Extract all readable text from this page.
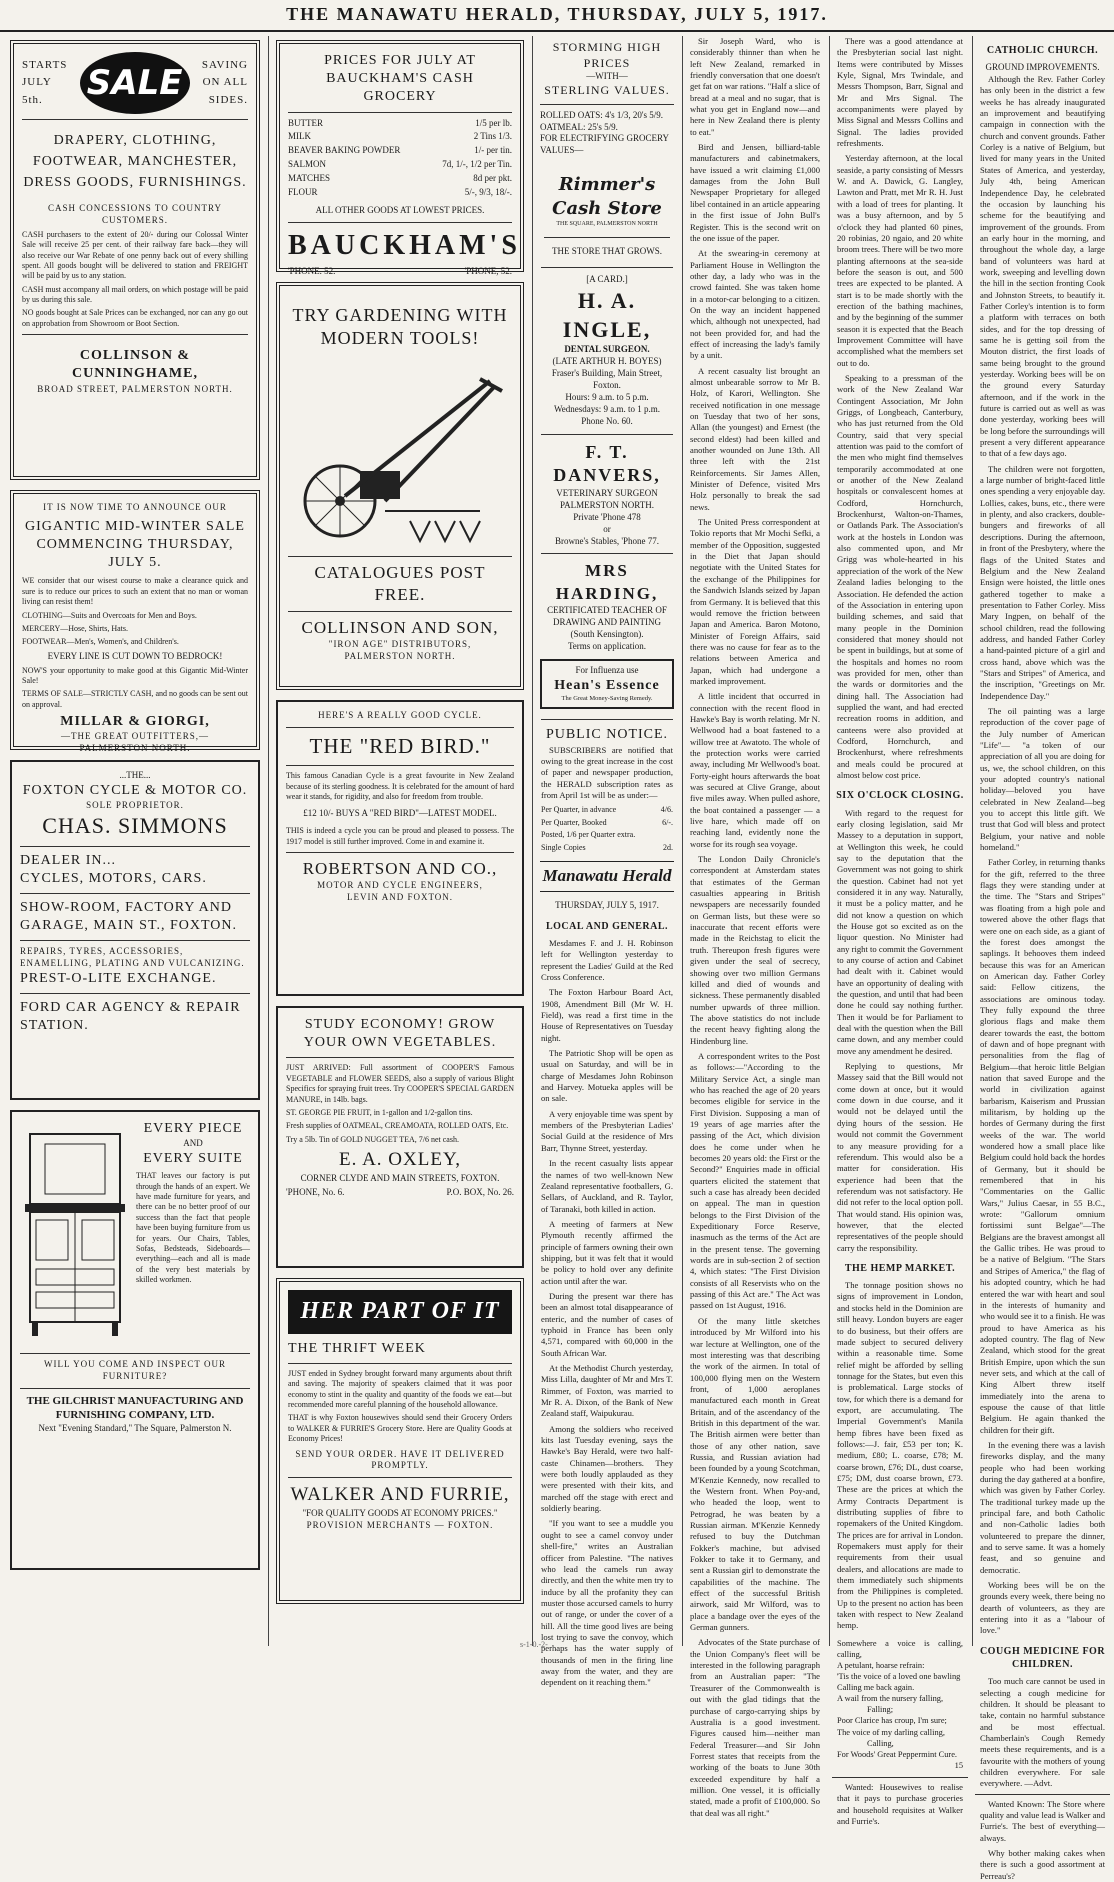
THE MANAWATU HERALD, THURSDAY, JULY 5, 1917.
STARTS
JULY
5th.	SALE	SAVING
ON ALL
SIDES.
DRAPERY, CLOTHING, FOOTWEAR, MANCHESTER, DRESS GOODS, FURNISHINGS.
CASH CONCESSIONS TO COUNTRY CUSTOMERS.

CASH purchasers to the extent of 20/- during our Colossal Winter Sale will receive 25 per cent. of their railway fare back—they will also receive our War Rebate of one penny back out of every shilling spent. All goods bought will be delivered to station and FREIGHT will be paid by us to any station.

CASH must accompany all mail orders, on which postage will be paid by us during this sale.

NO goods bought at Sale Prices can be exchanged, nor can any go out on approbation from Showroom or Boot Section.

COLLINSON & CUNNINGHAME,
BROAD STREET, PALMERSTON NORTH.
IT IS NOW TIME TO ANNOUNCE OUR
GIGANTIC MID-WINTER SALE COMMENCING THURSDAY, JULY 5.

WE consider that our wisest course to make a clearance quick and sure is to reduce our prices to such an extent that no man or woman living can resist them!

CLOTHING—Suits and Overcoats for Men and Boys.

MERCERY—Hose, Shirts, Hats.

FOOTWEAR—Men's, Women's, and Children's.

EVERY LINE IS CUT DOWN TO BEDROCK!

NOW'S your opportunity to make good at this Gigantic Mid-Winter Sale!

TERMS OF SALE—STRICTLY CASH, and no goods can be sent out on approval.

MILLAR & GIORGI,
—THE GREAT OUTFITTERS,—
PALMERSTON NORTH.
...THE...
FOXTON CYCLE & MOTOR CO.
SOLE PROPRIETOR.
CHAS. SIMMONS
DEALER IN...
CYCLES, MOTORS, CARS.
SHOW-ROOM, FACTORY AND GARAGE, MAIN ST., FOXTON.
REPAIRS, TYRES, ACCESSORIES, ENAMELLING, PLATING AND VULCANIZING.
PREST-O-LITE EXCHANGE.
FORD CAR AGENCY & REPAIR STATION.
EVERY PIECE
AND
EVERY SUITE

THAT leaves our factory is put through the hands of an expert. We have made furniture for years, and there can be no better proof of our success than the fact that people have been buying furniture from us for years. Our Chairs, Tables, Sofas, Bedsteads, Sideboards—everything—each and all is made of the very best materials by skilled workmen.

WILL YOU COME AND INSPECT OUR FURNITURE?
THE GILCHRIST MANUFACTURING AND FURNISHING COMPANY, LTD.
Next "Evening Standard," The Square, Palmerston N.
PRICES FOR JULY AT BAUCKHAM'S CASH GROCERY
BUTTER	1/5 per lb.
MILK	2 Tins 1/3.
BEAVER BAKING POWDER	1/- per tin.
SALMON	7d, 1/-, 1/2 per Tin.
MATCHES	8d per pkt.
FLOUR	5/-, 9/3, 18/-.
ALL OTHER GOODS AT LOWEST PRICES.
BAUCKHAM'S
'PHONE. 52.	'PHONE, 52.
TRY GARDENING WITH MODERN TOOLS!
CATALOGUES POST FREE.
COLLINSON AND SON,
"IRON AGE" DISTRIBUTORS,
PALMERSTON NORTH.
HERE'S A REALLY GOOD CYCLE.
THE "RED BIRD."

This famous Canadian Cycle is a great favourite in New Zealand because of its sterling goodness. It is celebrated for the amount of hard wear it stands, for rigidity, and also for freedom from trouble.

£12 10/- BUYS A "RED BIRD"—LATEST MODEL.

THIS is indeed a cycle you can be proud and pleased to possess. The 1917 model is still further improved. Come in and examine it.

ROBERTSON AND CO.,
MOTOR AND CYCLE ENGINEERS,
LEVIN AND FOXTON.
STUDY ECONOMY! GROW YOUR OWN VEGETABLES.

JUST ARRIVED: Full assortment of COOPER'S Famous VEGETABLE and FLOWER SEEDS, also a supply of various Blight Specifics for spraying fruit trees. Try COOPER'S SPECIAL GARDEN MANURE, in 14lb. bags.

ST. GEORGE PIE FRUIT, in 1-gallon and 1/2-gallon tins.

Fresh supplies of OATMEAL, CREAMOATA, ROLLED OATS, Etc.

Try a 5lb. Tin of GOLD NUGGET TEA, 7/6 net cash.

E. A. OXLEY,
CORNER CLYDE AND MAIN STREETS, FOXTON.
'PHONE, No. 6.	P.O. BOX, No. 26.
HER PART OF IT
THE THRIFT WEEK

JUST ended in Sydney brought forward many arguments about thrift and saving. The majority of speakers claimed that it was poor economy to stint in the quality and quantity of the foods we eat—but recommended more careful planning of the household allowance.

THAT is why Foxton housewives should send their Grocery Orders to WALKER & FURRIE'S Grocery Store. Here are Quality Goods at Economy Prices!

SEND YOUR ORDER. HAVE IT DELIVERED PROMPTLY.
WALKER AND FURRIE,
"FOR QUALITY GOODS AT ECONOMY PRICES."
PROVISION MERCHANTS — FOXTON.
STORMING HIGH PRICES
—WITH—
STERLING VALUES.
ROLLED OATS: 4's 1/3, 20's 5/9.
OATMEAL: 25's 5/9.
FOR ELECTRIFYING GROCERY VALUES—
Rimmer's Cash Store
THE SQUARE, PALMERSTON NORTH
THE STORE THAT GROWS.
[A CARD.]
H. A. INGLE,
DENTAL SURGEON.
(LATE ARTHUR H. BOYES)
Fraser's Building, Main Street, Foxton.
Hours: 9 a.m. to 5 p.m. Wednesdays: 9 a.m. to 1 p.m.
Phone No. 60.
F. T. DANVERS,
VETERINARY SURGEON
PALMERSTON NORTH.
Private 'Phone 478
or
Browne's Stables, 'Phone 77.
MRS HARDING,
CERTIFICATED TEACHER OF DRAWING AND PAINTING
(South Kensington).
Terms on application.
For Influenza use
Hean's Essence
The Great Money-Saving Remedy.
PUBLIC NOTICE.

SUBSCRIBERS are notified that owing to the great increase in the cost of paper and newspaper production, the HERALD subscription rates as from April 1st will be as under:—

Per Quarter, in advance	4/6.
Per Quarter, Booked	6/-.
Posted, 1/6 per Quarter extra.
Single Copies	2d.
Manawatu Herald
THURSDAY, JULY 5, 1917.
LOCAL AND GENERAL.

Mesdames F. and J. H. Robinson left for Wellington yesterday to represent the Ladies' Guild at the Red Cross Conference.

The Foxton Harbour Board Act, 1908, Amendment Bill (Mr W. H. Field), was read a first time in the House of Representatives on Tuesday night.

The Patriotic Shop will be open as usual on Saturday, and will be in charge of Mesdames John Robinson and Harvey. Motueka apples will be on sale.

A very enjoyable time was spent by members of the Presbyterian Ladies' Social Guild at the residence of Mrs Barr, Thynne Street, yesterday.

In the recent casualty lists appear the names of two well-known New Zealand representative footballers, G. Sellars, of Auckland, and R. Taylor, of Taranaki, both killed in action.

A meeting of farmers at New Plymouth recently affirmed the principle of farmers owning their own shipping, but it was felt that it would be policy to hold over any definite action until after the war.

During the present war there has been an almost total disappearance of enteric, and the number of cases of typhoid in France has been only 4,571, compared with 60,000 in the South African War.

At the Methodist Church yesterday, Miss Lilla, daughter of Mr and Mrs T. Rimmer, of Foxton, was married to Mr R. A. Dixon, of the Bank of New Zealand staff, Waipukurau.

Among the soldiers who received kits last Tuesday evening, says the Hawke's Bay Herald, were two half-caste Chinamen—brothers. They were both loudly applauded as they were presented with their kits, and marched off the stage with erect and soldierly bearing.

"If you want to see a muddle you ought to see a camel convoy under shell-fire," writes an Australian officer from Palestine. "The natives who lead the camels run away directly, and then the white men try to induce by all the profanity they can muster those accursed camels to hurry out of range, or under the cover of a hill. All the time good lives are being lost trying to save the convoy, which perhaps has the water supply of thousands of men in the firing line away from the water, and they are dependent on it reaching them."

Sir Joseph Ward, who is considerably thinner than when he left New Zealand, remarked in friendly conversation that one doesn't get fat on war rations. "Half a slice of bread at a meal and no sugar, that is what you get in England now—and here in New Zealand there is plenty to eat."

Bird and Jensen, billiard-table manufacturers and cabinetmakers, have issued a writ claiming £1,000 damages from the John Bull Newspaper Proprietary for alleged libel contained in an article appearing in the first issue of John Bull's Register. This is the second writ on the one issue of the paper.

At the swearing-in ceremony at Parliament House in Wellington the other day, a lady who was in the crowd fainted. She was taken home in a motor-car belonging to a citizen. On the way an incident happened which, although not unexpected, had not been provided for, and had the effect of increasing the lady's family by a unit.

A recent casualty list brought an almost unbearable sorrow to Mr B. Holz, of Karori, Wellington. She received notification in one message on Tuesday that two of her sons, Allan (the youngest) and Ernest (the second eldest) had been killed and another wounded on June 13th. All three left with the 21st Reinforcements. Sir James Allen, Minister of Defence, visited Mrs Holz personally to break the sad news.

The United Press correspondent at Tokio reports that Mr Mochi Sefki, a member of the Opposition, suggested in the Diet that Japan should negotiate with the United States for the exchange of the Philippines for the Sandwich Islands seized by Japan from Germany. It is believed that this would remove the friction between Japan and America. Baron Motono, Minister of Foreign Affairs, said there was no cause for fear as to the relations between America and Japan, which had undergone a marked improvement.

A little incident that occurred in connection with the recent flood in Hawke's Bay is worth relating. Mr N. Wellwood had a boat fastened to a willow tree at Awatoto. The whole of the protection works were carried away, including Mr Wellwood's boat. Forty-eight hours afterwards the boat was secured at Clive Grange, about five miles away. When pulled ashore, the boat contained a passenger — a live hare, which made off on reaching land, evidently none the worse for its rough sea voyage.

The London Daily Chronicle's correspondent at Amsterdam states that estimates of the German casualties appearing in British newspapers are necessarily founded on German lists, but these were so inaccurate that recent efforts were made in the Reichstag to elicit the truth. Thereupon fresh figures were given under the seal of secrecy, showing over two million Germans killed and died of wounds and sickness. These permanently disabled number upwards of three million. The above statistics do not include the recent heavy fighting along the Hindenburg line.

A correspondent writes to the Post as follows:—"According to the Military Service Act, a single man who has reached the age of 20 years becomes eligible for service in the First Division. Supposing a man of 19 years of age marries after the passing of the Act, which division does he come under when he becomes 20 years old: the First or the Second?" Enquiries made in official quarters elicited the statement that such a case has already been decided on appeal. The man in question belongs to the First Division of the Expeditionary Force Reserve, inasmuch as the terms of the Act are in the present tense. The governing words are in sub-section 2 of section 4, which states: "The First Division consists of all Reservists who on the passing of this Act are." The Act was passed on 1st August, 1916.

Of the many little sketches introduced by Mr Wilford into his war lecture at Wellington, one of the most interesting was that describing the work of the airmen. In total of 100,000 flying men on the Western front, of 1,000 aeroplanes manufactured each month in Great Britain, and of the ascendancy of the British in this department of the war. The British airmen were better than those of any other nation, save Russia, and Russian aviation had been founded by a young Scotchman, M'Kenzie Kennedy, now recalled to the Western front. When Poy-and, who headed the loop, went to Petrograd, he was beaten by a Russian airman. M'Kenzie Kennedy refused to buy the Dutchman Fokker's machine, but advised Fokker to take it to Germany, and sent a Russian girl to demonstrate the capabilities of the machine. The effect of the successful British airwork, said Mr Wilford, was to place a bandage over the eyes of the German gunners.

Advocates of the State purchase of the Union Company's fleet will be interested in the following paragraph from an Australian paper: "The Treasurer of the Commonwealth is out with the glad tidings that the purchase of cargo-carrying ships by Australia is a good investment. Figures caused him—neither man Federal Treasurer—and Sir John Forrest states that receipts from the working of the boats to June 30th exceeded expenditure by half a million. One vessel, it is officially stated, made a profit of £100,000. So that deal was all right."

There was a good attendance at the Presbyterian social last night. Items were contributed by Misses Kyle, Signal, Mrs Twindale, and Messrs Thompson, Barr, Signal and Mr and Mrs Signal. The accompaniments were played by Miss Signal and Messrs Collins and Signal. The ladies provided refreshments.

Yesterday afternoon, at the local seaside, a party consisting of Messrs W. and A. Dawick, G. Langley, Lawton and Pratt, met Mr R. H. Just with a load of trees for planting. It was a busy afternoon, and by 5 o'clock they had planted 60 pines, 20 robinias, 20 ngaio, and 20 white broom trees. There will be two more planting afternoons at the sea-side before the season is out, and 500 trees are expected to be planted. A start is to be made shortly with the erection of the bathing machines, and by the beginning of the summer season it is expected that the Beach Improvement Committee will have accomplished what the members set out to do.

Speaking to a pressman of the work of the New Zealand War Contingent Association, Mr John Griggs, of Longbeach, Canterbury, who has just returned from the Old Country, said that very special attention was paid to the comfort of the men who might find themselves temporarily accommodated at one or another of the New Zealand hospitals or convalescent homes at Codford, Hornchurch, Brockenhurst, Walton-on-Thames, or Oatlands Park. The Association's work at the hostels in London was also commented upon, and Mr Grigg was whole-hearted in his appreciation of the work of the New Zealand ladies belonging to the Association. He defended the action of the Association in entering upon building schemes, and said that many people in the Dominion considered that money should not be spent in buildings, but at some of the hospitals and homes no room was provided for men, other than the wards or dormitories and the dining hall. The Association had supplied the want, and had erected recreation rooms in addition, and canteens were also provided at Codford, Hornchurch, and Brockenhurst, where refreshments and meals could be procured at almost below cost price.

SIX O'CLOCK CLOSING.

With regard to the request for early closing legislation, said Mr Massey to a deputation in support, at Wellington this week, he could say to the deputation that the Government was not going to shirk the question. Cabinet had not yet considered it in any way. Naturally, it must be a policy matter, and he did not know a question on which the House got so excited as on the liquor question. No Minister had any right to commit the Government to any course of action and Cabinet had dealt with it. Cabinet would have an opportunity of dealing with the question, and until that had been done he could say nothing further. Then it would be for Parliament to deal with the question when the Bill came down, and any member could move any amendment he desired.

Replying to questions, Mr Massey said that the Bill would not come down at once, but it would come down in due course, and it would not be delayed until the dying hours of the session. He would not commit the Government to any measure providing for a referendum. This would also be a matter for consideration. His experience had been that the referendum was not satisfactory. He did not refer to the local option poll. That would stand. His opinion was, however, that the elected representatives of the people should carry the responsibility.

THE HEMP MARKET.

The tonnage position shows no signs of improvement in London, and stocks held in the Dominion are still heavy. London buyers are eager to do business, but their offers are made subject to secured delivery within a reasonable time. Some relief might be afforded by selling tonnage for the States, but even this is problematical. Large stocks of tow, for which there is a demand for export, are accumulating. The Imperial Government's Manila hemp fibres have been fixed as follows:—J. fair, £53 per ton; K. medium, £80; L. coarse, £78; M. coarse brown, £76; DL, dust coarse, £75; DM, dust coarse brown, £73. These are the prices at which the Army Contracts Department is distributing supplies of fibre to ropemakers of the United Kingdom. The prices are for arrival in London. Ropemakers must apply for their requirements from their usual dealers, and allocations are made to them immediately such shipments from the Philippines is completed. Up to the present no action has been taken with respect to New Zealand hemp.

Somewhere a voice is calling, calling,
A petulant, hoarse refrain:
'Tis the voice of a loved one bawling
Calling me back again.
A wail from the nursery falling,
Falling;
Poor Clarice has croup, I'm sure;
The voice of my darling calling,
Calling,
For Woods' Great Peppermint Cure.
15

Wanted: Housewives to realise that it pays to purchase groceries and household requisites at Walker and Furrie's.

CATHOLIC CHURCH.
GROUND IMPROVEMENTS.

Although the Rev. Father Corley has only been in the district a few weeks he has already inaugurated an improvement and beautifying campaign in connection with the church and convent grounds. Father Corley is a native of Belgium, but lived for many years in the United States of America, and yesterday, July 4th, being American Independence Day, he celebrated the occasion by launching his scheme for the beautifying and improvement of the grounds. From an early hour in the morning, and throughout the whole day, a large band of volunteers was hard at work, sweeping and levelling down the hill in the section fronting Cook and Johnston Streets, to beautify it. Father Corley's intention is to form a platform with terraces on both sides, and for the top dressing of same he is getting soil from the Mouton district, the first loads of same being brought to the ground yesterday. Working bees will be on the ground every Saturday afternoon, and if the work in the future is carried out as well as was done yesterday, working bees will be long before the surroundings will present a very different appearance to that of a few days ago.

The children were not forgotten, a large number of bright-faced little ones spending a very enjoyable day. Lollies, cakes, buns, etc., there were in plenty, and also crackers, double-bungers and fireworks of all descriptions. During the afternoon, in front of the Presbytery, where the flags of the United States and Belgium and the New Zealand Ensign were hoisted, the little ones gathered together to make a presentation to Father Corley. Miss Mary Ingpen, on behalf of the school children, read the following address, and handed Father Corley a hand-painted picture of a girl and cross hand, above which was the "Stars and Stripes" of America, and the inscription, "Greetings on Mr. Independence Day."

The oil painting was a large reproduction of the cover page of the July number of American "Life"— "a token of our appreciation of all you are doing for us, we, the school children, on this your adopted country's national holiday—beloved you have celebrated in New Zealand—beg you to accept this little gift. We trust that God will bless and protect Belgium, your native and noble homeland."

Father Corley, in returning thanks for the gift, referred to the three flags they were standing under at the time. The "Stars and Stripes" was floating from a high pole and towered above the other flags that were one on each side, as a giant of the forest does amongst the saplings. It behooves them indeed because this was for an American on American day. Father Corley said: Fellow citizens, the associations are ominous today. They fully expound the three glorious flags and make them dearer towards the east, the bottom of dawn and of hope pregnant with personalities from the flag of Belgium—that heroic little Belgian nation that saved Europe and the world in civilization against barbarism, Kaiserism and Prussian militarism, by holding up the hordes of Germany during the first weeks of the war. The world wondered how a small place like Belgium could hold back the hordes of Germany, but it should be remembered that in his "Commentaries on the Gallic Wars," Julius Caesar, in 55 B.C., wrote: "Gallorum omnium fortissimi sunt Belgae"—The Belgians are the bravest amongst all the Gallic tribes. He was proud to be a native of Belgium. "The Stars and Stripes of America," the flag of his adopted country, which he had entered the war with heart and soul in the interests of humanity and who would see it to a finish. He was proud to have America as his adopted country. The flag of New Zealand, which stood for the great British Empire, upon which the sun never sets, and which at the call of King Albert threw itself immediately into the arena to espouse the cause of that little Belgium. He again thanked the children for their gift.

In the evening there was a lavish fireworks display, and the many people who had been working during the day gathered at a bonfire, which was given by Father Corley. The traditional turkey made up the principal fare, and both Catholic and non-Catholic ladies both volunteered to prepare the dinner, and to serve same. It was a homely feast, and so genuine and democratic.

Working bees will be on the grounds every week, there being no dearth of volunteers, as they are entering into it as a "labour of love."

COUGH MEDICINE FOR CHILDREN.

Too much care cannot be used in selecting a cough medicine for children. It should be pleasant to take, contain no harmful substance and be most effectual. Chamberlain's Cough Remedy meets these requirements, and is a favourite with the mothers of young children everywhere. For sale everywhere. —Advt.

Wanted Known: The Store where quality and value lead is Walker and Furrie's. The best of everything—always.

Why bother making cakes when there is such a good assortment at Perreau's?

s-1-0.-2-
